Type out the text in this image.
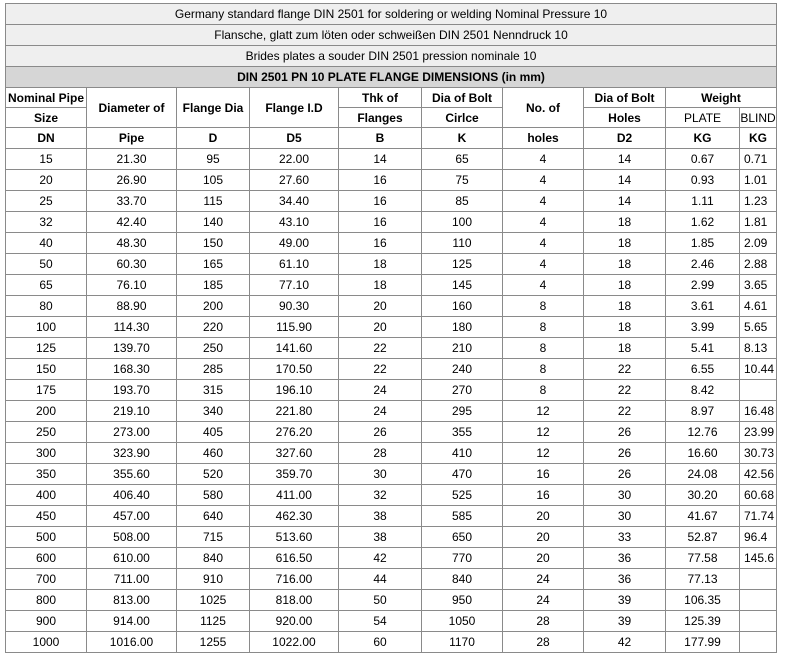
Germany standard flange DIN 2501 for soldering or welding Nominal Pressure 10									
Flansche, glatt zum löten oder schweißen DIN 2501 Nenndruck 10									
Brides plates a souder DIN 2501 pression nominale 10									
DIN 2501 PN 10 PLATE FLANGE DIMENSIONS (in mm)									
Nominal Pipe	Diameter of	Flange Dia	Flange I.D	Thk of	Dia of Bolt	No. of	Dia of Bolt	Weight	
Size				Flanges	Cirlce		Holes	PLATE	BLIND
DN	Pipe	D	D5	B	K	holes	D2	KG	KG
15	21.30	95	22.00	14	65	4	14	0.67	0.71
20	26.90	105	27.60	16	75	4	14	0.93	1.01
25	33.70	115	34.40	16	85	4	14	1.11	1.23
32	42.40	140	43.10	16	100	4	18	1.62	1.81
40	48.30	150	49.00	16	110	4	18	1.85	2.09
50	60.30	165	61.10	18	125	4	18	2.46	2.88
65	76.10	185	77.10	18	145	4	18	2.99	3.65
80	88.90	200	90.30	20	160	8	18	3.61	4.61
100	114.30	220	115.90	20	180	8	18	3.99	5.65
125	139.70	250	141.60	22	210	8	18	5.41	8.13
150	168.30	285	170.50	22	240	8	22	6.55	10.44
175	193.70	315	196.10	24	270	8	22	8.42	
200	219.10	340	221.80	24	295	12	22	8.97	16.48
250	273.00	405	276.20	26	355	12	26	12.76	23.99
300	323.90	460	327.60	28	410	12	26	16.60	30.73
350	355.60	520	359.70	30	470	16	26	24.08	42.56
400	406.40	580	411.00	32	525	16	30	30.20	60.68
450	457.00	640	462.30	38	585	20	30	41.67	71.74
500	508.00	715	513.60	38	650	20	33	52.87	96.4
600	610.00	840	616.50	42	770	20	36	77.58	145.6
700	711.00	910	716.00	44	840	24	36	77.13	
800	813.00	1025	818.00	50	950	24	39	106.35	
900	914.00	1125	920.00	54	1050	28	39	125.39	
1000	1016.00	1255	1022.00	60	1170	28	42	177.99	
